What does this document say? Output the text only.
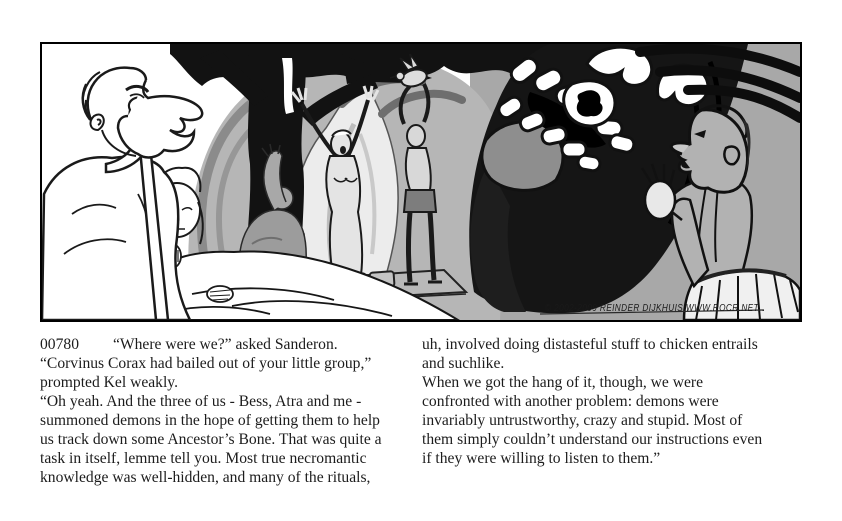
© 2002-2009 REINDER DIJKHUIS WWW.ROCR.NET
00780 “Where were we?” asked Sanderon.
“Corvinus Corax had bailed out of your little group,”
prompted Kel weakly.
“Oh yeah. And the three of us - Bess, Atra and me -
summoned demons in the hope of getting them to help
us track down some Ancestor’s Bone. That was quite a
task in itself, lemme tell you. Most true necromantic
knowledge was well-hidden, and many of the rituals,
uh, involved doing distasteful stuff to chicken entrails
and suchlike.
When we got the hang of it, though, we were
confronted with another problem: demons were
invariably untrustworthy, crazy and stupid. Most of
them simply couldn’t understand our instructions even
if they were willing to listen to them.”
